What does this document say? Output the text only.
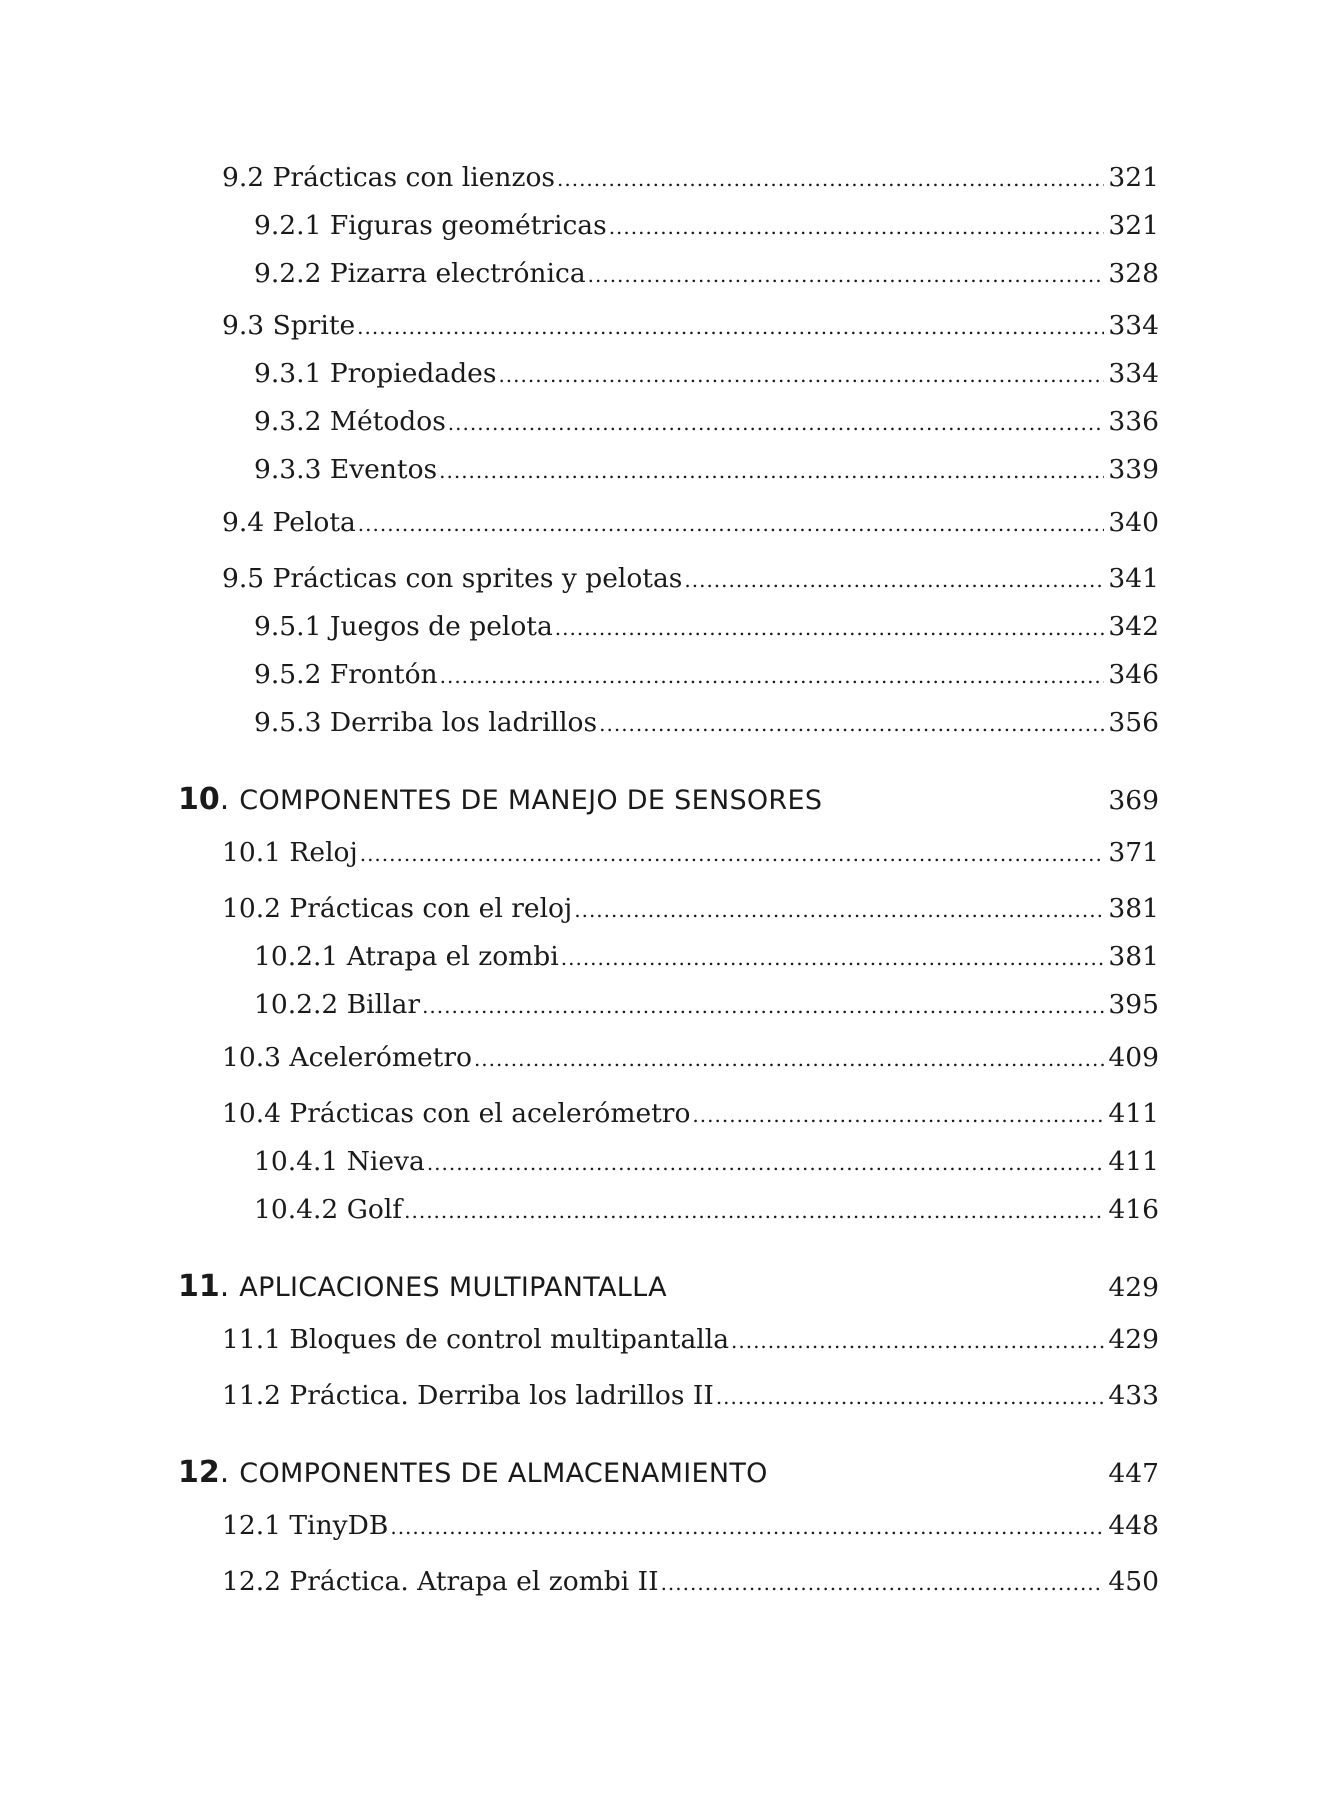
9.2 Prácticas con lienzos .....	321
9.2.1 Figuras geométricas .....	321
9.2.2 Pizarra electrónica .....	328
9.3 Sprite .....	334
9.3.1 Propiedades .....	334
9.3.2 Métodos .....	336
9.3.3 Eventos .....	339
9.4 Pelota .....	340
9.5 Prácticas con sprites y pelotas .....	341
9.5.1 Juegos de pelota .....	342
9.5.2 Frontón .....	346
9.5.3 Derriba los ladrillos .....	356
10 . COMPONENTES DE MANEJO DE SENSORES	369
10.1 Reloj .....	371
10.2 Prácticas con el reloj .....	381
10.2.1 Atrapa el zombi .....	381
10.2.2 Billar .....	395
10.3 Acelerómetro .....	409
10.4 Prácticas con el acelerómetro .....	411
10.4.1 Nieva .....	411
10.4.2 Golf .....	416
11 . APLICACIONES MULTIPANTALLA	429
11.1 Bloques de control multipantalla .....	429
11.2 Práctica. Derriba los ladrillos II .....	433
12 . COMPONENTES DE ALMACENAMIENTO	447
12.1 TinyDB .....	448
12.2 Práctica. Atrapa el zombi II .....	450
